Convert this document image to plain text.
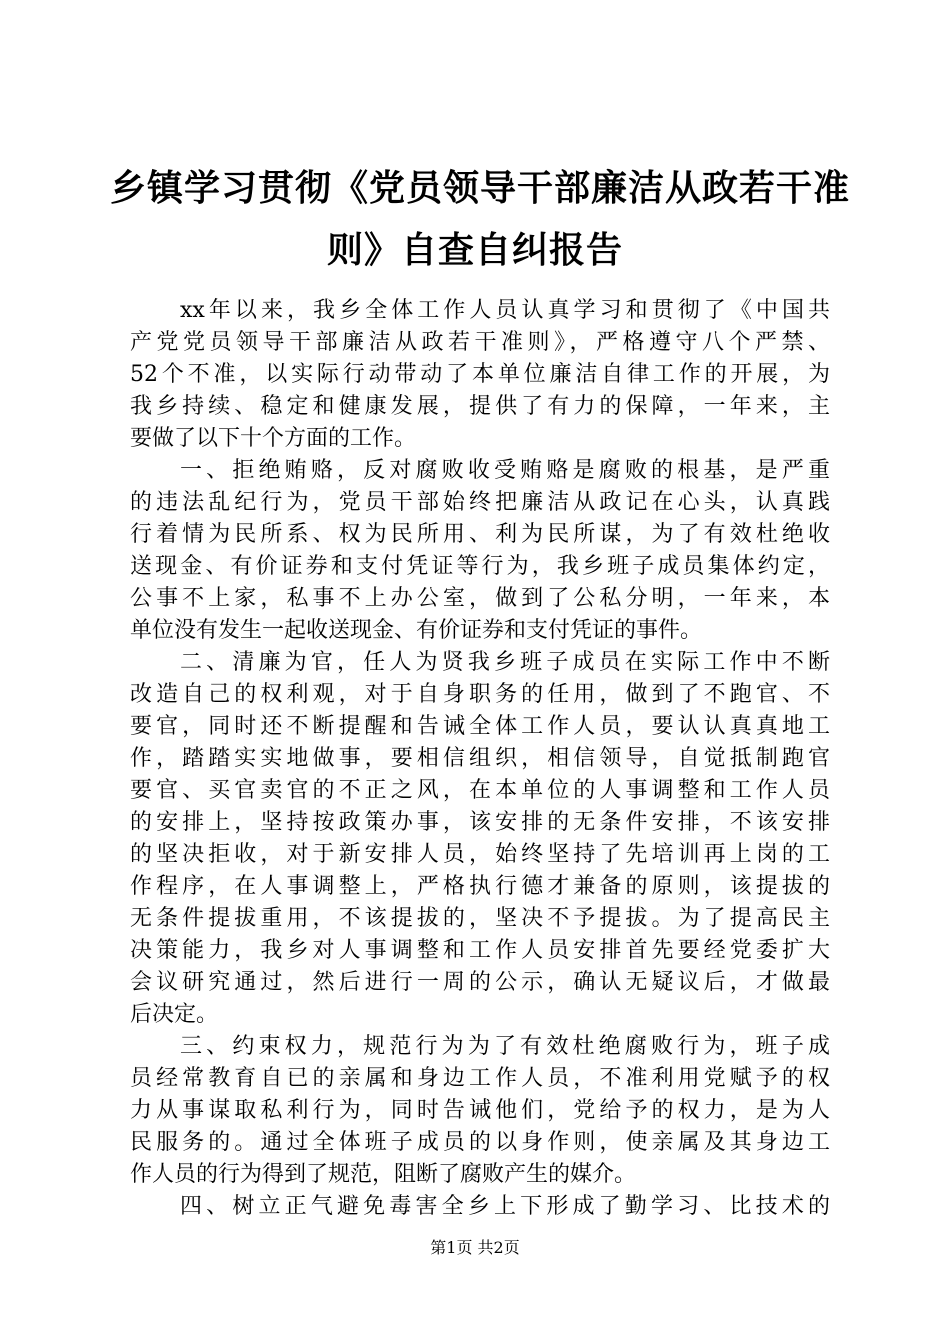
乡镇学习贯彻《党员领导干部廉洁从政若干准
则》自查自纠报告
xx年以来，我乡全体工作人员认真学习和贯彻了《中国共
产党党员领导干部廉洁从政若干准则》，严格遵守八个严禁、
52个不准，以实际行动带动了本单位廉洁自律工作的开展，为
我乡持续、稳定和健康发展，提供了有力的保障，一年来，主
要做了以下十个方面的工作。
一、拒绝贿赂，反对腐败收受贿赂是腐败的根基，是严重
的违法乱纪行为，党员干部始终把廉洁从政记在心头，认真践
行着情为民所系、权为民所用、利为民所谋，为了有效杜绝收
送现金、有价证券和支付凭证等行为，我乡班子成员集体约定，
公事不上家，私事不上办公室，做到了公私分明，一年来，本
单位没有发生一起收送现金、有价证券和支付凭证的事件。
二、清廉为官，任人为贤我乡班子成员在实际工作中不断
改造自己的权利观，对于自身职务的任用，做到了不跑官、不
要官，同时还不断提醒和告诫全体工作人员，要认认真真地工
作，踏踏实实地做事，要相信组织，相信领导，自觉抵制跑官
要官、买官卖官的不正之风，在本单位的人事调整和工作人员
的安排上，坚持按政策办事，该安排的无条件安排，不该安排
的坚决拒收，对于新安排人员，始终坚持了先培训再上岗的工
作程序，在人事调整上，严格执行德才兼备的原则，该提拔的
无条件提拔重用，不该提拔的，坚决不予提拔。为了提高民主
决策能力，我乡对人事调整和工作人员安排首先要经党委扩大
会议研究通过，然后进行一周的公示，确认无疑议后，才做最
后决定。
三、约束权力，规范行为为了有效杜绝腐败行为，班子成
员经常教育自已的亲属和身边工作人员，不准利用党赋予的权
力从事谋取私利行为，同时告诫他们，党给予的权力，是为人
民服务的。通过全体班子成员的以身作则，使亲属及其身边工
作人员的行为得到了规范，阻断了腐败产生的媒介。
四、树立正气避免毒害全乡上下形成了勤学习、比技术的
第1页 共2页
